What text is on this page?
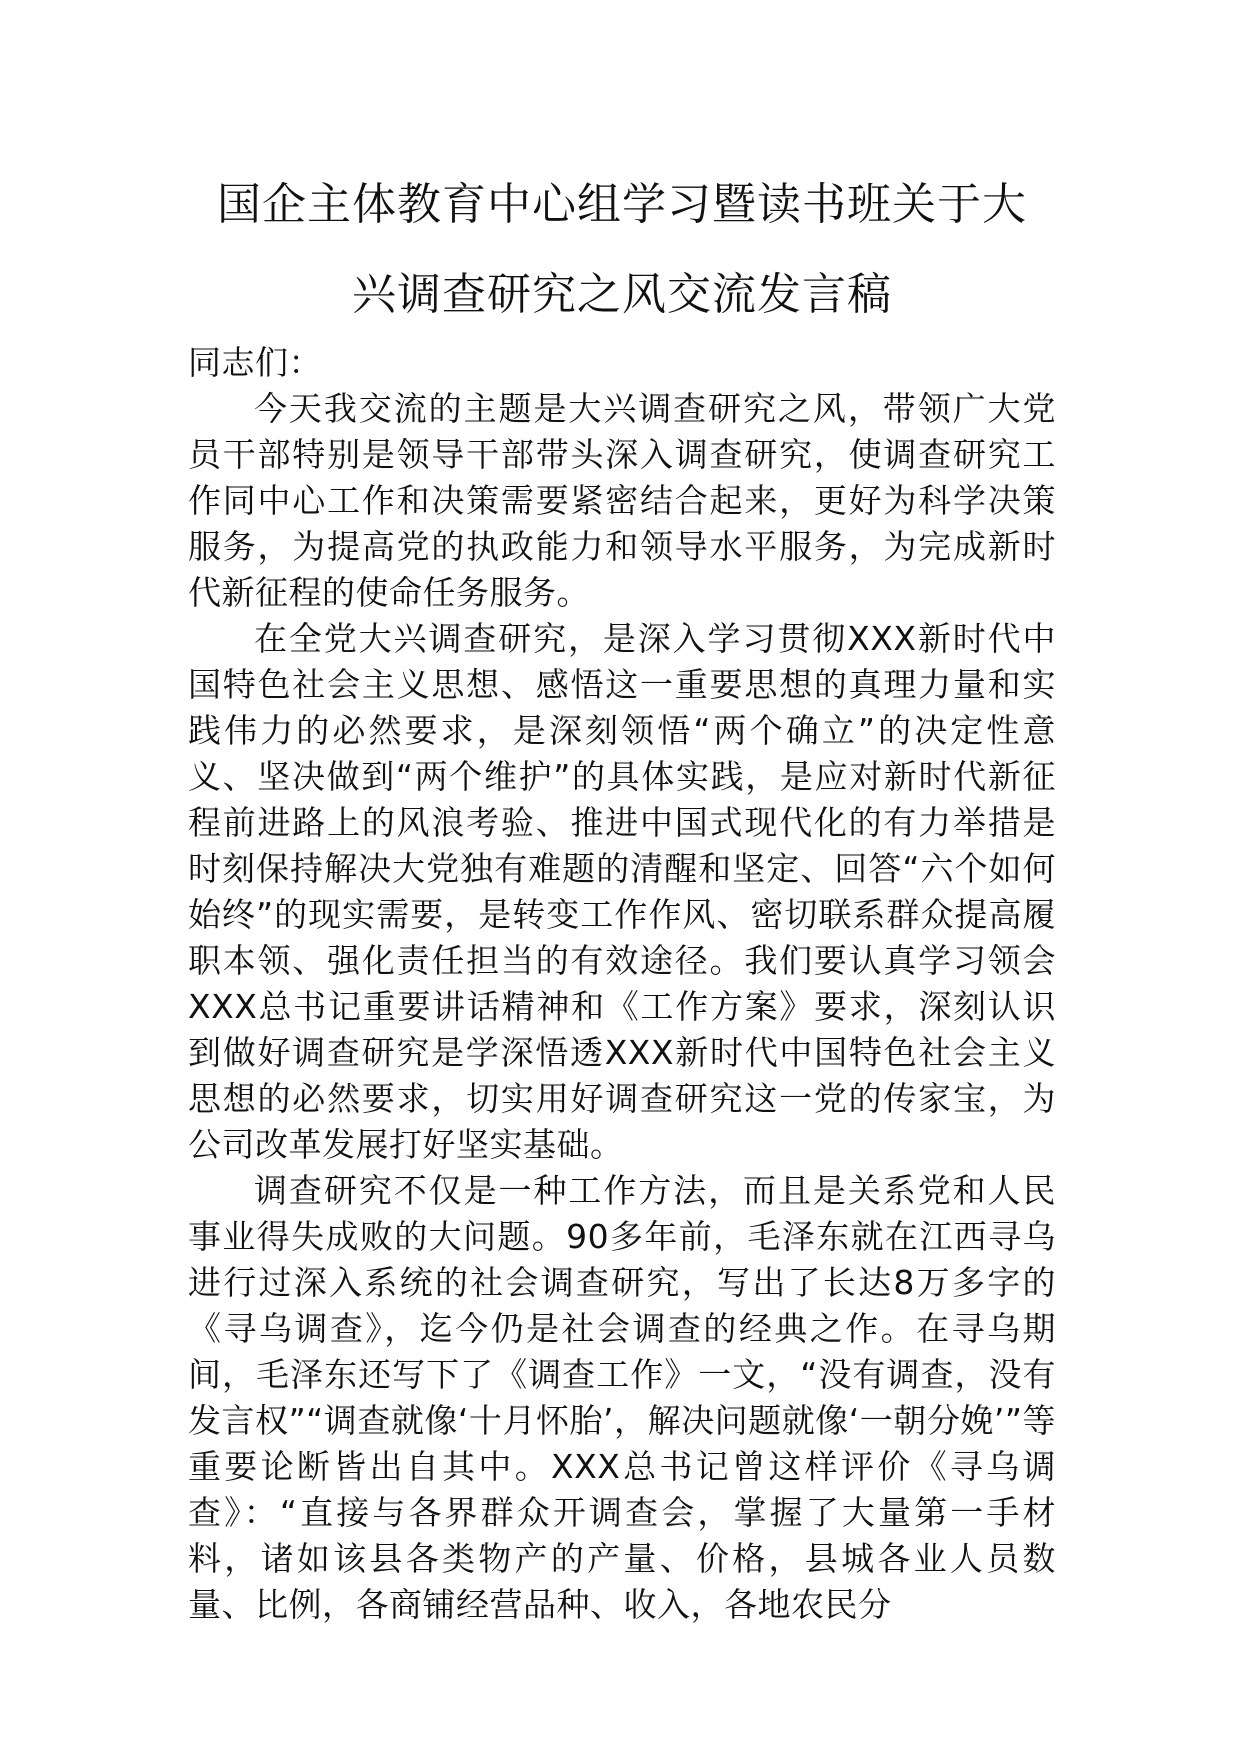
国企主体教育中心组学习暨读书班关于大
兴调查研究之风交流发言稿

同志们：

今天我交流的主题是大兴调查研究之风，带领广大党员干部特别是领导干部带头深入调查研究，使调查研究工作同中心工作和决策需要紧密结合起来，更好为科学决策服务，为提高党的执政能力和领导水平服务，为完成新时代新征程的使命任务服务。

在全党大兴调查研究，是深入学习贯彻XXX新时代中国特色社会主义思想、感悟这一重要思想的真理力量和实践伟力的必然要求，是深刻领悟“两个确立”的决定性意义、坚决做到“两个维护”的具体实践，是应对新时代新征程前进路上的风浪考验、推进中国式现代化的有力举措是时刻保持解决大党独有难题的清醒和坚定、回答“六个如何始终”的现实需要，是转变工作作风、密切联系群众提高履职本领、强化责任担当的有效途径。我们要认真学习领会XXX总书记重要讲话精神和《工作方案》要求，深刻认识到做好调查研究是学深悟透XXX新时代中国特色社会主义思想的必然要求，切实用好调查研究这一党的传家宝，为公司改革发展打好坚实基础。

调查研究不仅是一种工作方法，而且是关系党和人民事业得失成败的大问题。90多年前，毛泽东就在江西寻乌进行过深入系统的社会调查研究，写出了长达8万多字的《寻乌调查》，迄今仍是社会调查的经典之作。在寻乌期间，毛泽东还写下了《调查工作》一文，“没有调查，没有发言权”“调查就像‘十月怀胎’，解决问题就像‘一朝分娩’”等重要论断皆出自其中。XXX总书记曾这样评价《寻乌调查》：“直接与各界群众开调查会，掌握了大量第一手材料，诸如该县各类物产的产量、价格，县城各业人员数量、比例，各商铺经营品种、收入，各地农民分
